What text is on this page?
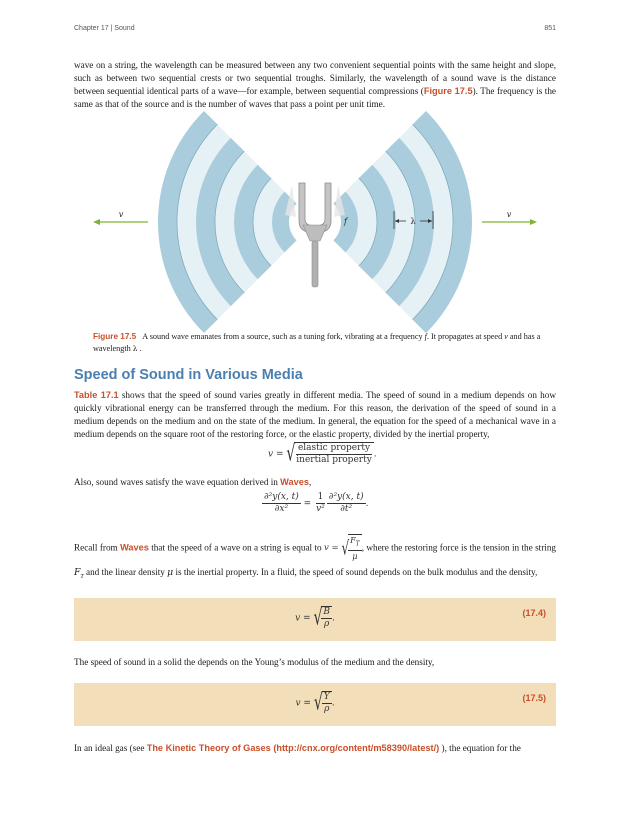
Chapter 17 | Sound	851
wave on a string, the wavelength can be measured between any two convenient sequential points with the same height and slope, such as between two sequential crests or two sequential troughs. Similarly, the wavelength of a sound wave is the distance between sequential identical parts of a wave—for example, between sequential compressions (Figure 17.5). The frequency is the same as that of the source and is the number of waves that pass a point per unit time.
f	λ
v	v
Figure 17.5 A sound wave emanates from a source, such as a tuning fork, vibrating at a frequency f. It propagates at speed v and has a wavelength λ .
Speed of Sound in Various Media
Table 17.1 shows that the speed of sound varies greatly in different media. The speed of sound in a medium depends on how quickly vibrational energy can be transferred through the medium. For this reason, the derivation of the speed of sound in a medium depends on the medium and on the state of the medium. In general, the equation for the speed of a mechanical wave in a medium depends on the square root of the restoring force, or the elastic property, divided by the inertial property,
v = √ $\frac{\text{elastic property}}{\text{inertial property}}$ .
Also, sound waves satisfy the wave equation derived in Waves,
$\frac{\text{∂²y(x, t)}}{\text{∂x²}} = \frac{1}{\text{v²}} \frac{\text{∂²y(x, t)}}{\text{∂t²}}$ .
Recall from Waves that the speed of a wave on a string is equal to v = √ $\frac{F_T}{\mu}$ , where the restoring force is the tension in the string $F_T$ and the linear density μ is the inertial property. In a fluid, the speed of sound depends on the bulk modulus and the density,
v = √ $\frac{B}{\rho}$ .
(17.4)
The speed of sound in a solid the depends on the Young’s modulus of the medium and the density,
v = √ $\frac{Y}{\rho}$ .
(17.5)
In an ideal gas (see The Kinetic Theory of Gases (http://cnx.org/content/m58390/latest/) ), the equation for the
